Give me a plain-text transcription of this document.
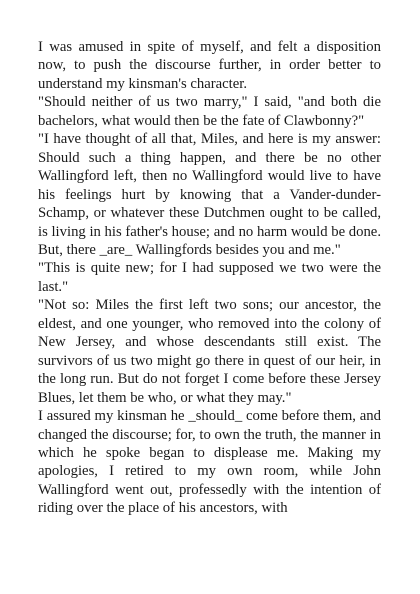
I was amused in spite of myself, and felt a disposition now, to push the discourse further, in order better to understand my kinsman's character.

"Should neither of us two marry," I said, "and both die bachelors, what would then be the fate of Clawbonny?"

"I have thought of all that, Miles, and here is my answer: Should such a thing happen, and there be no other Wallingford left, then no Wallingford would live to have his feelings hurt by knowing that a Vander-dunder-Schamp, or whatever these Dutchmen ought to be called, is living in his father's house; and no harm would be done. But, there _are_ Wallingfords besides you and me."

"This is quite new; for I had supposed we two were the last."

"Not so: Miles the first left two sons; our ancestor, the eldest, and one younger, who removed into the colony of New Jersey, and whose descendants still exist. The survivors of us two might go there in quest of our heir, in the long run. But do not forget I come before these Jersey Blues, let them be who, or what they may."

I assured my kinsman he _should_ come before them, and changed the discourse; for, to own the truth, the manner in which he spoke began to displease me. Making my apologies, I retired to my own room, while John Wallingford went out, professedly with the intention of riding over the place of his ancestors, with
